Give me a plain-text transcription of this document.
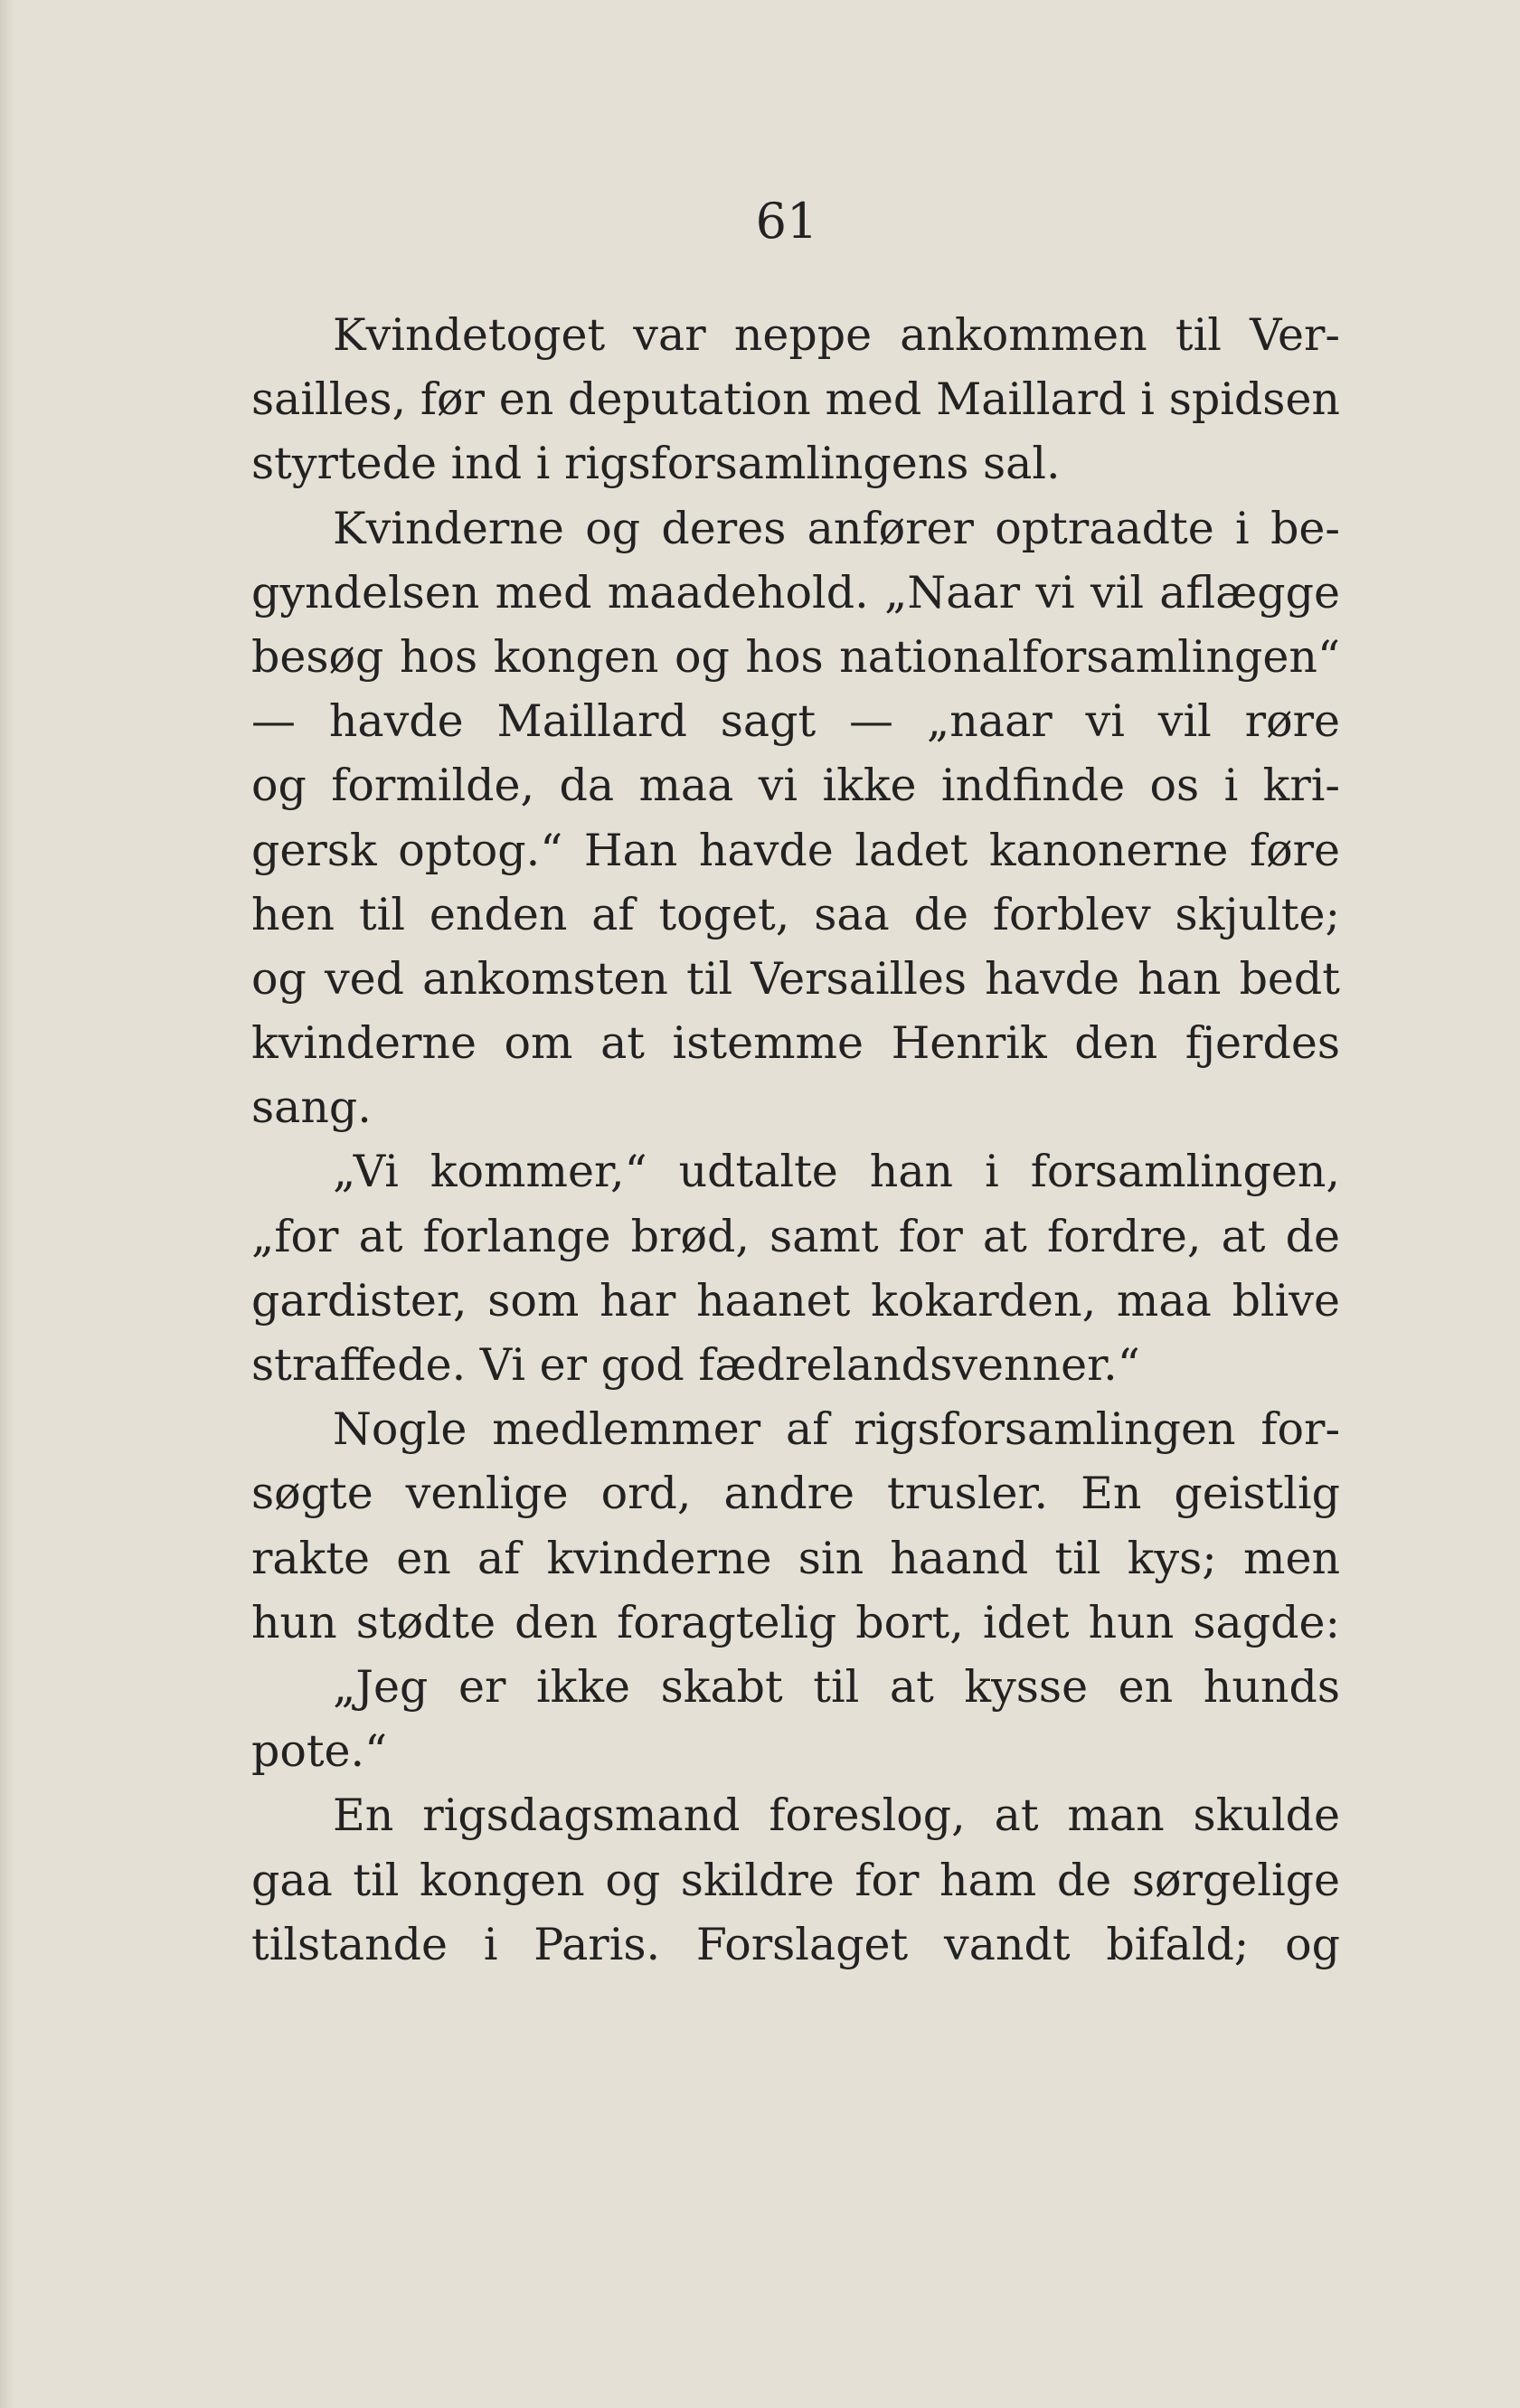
61
Kvindetoget var neppe ankommen til Ver-
sailles, før en deputation med Maillard i spidsen
styrtede ind i rigsforsamlingens sal.
Kvinderne og deres anfører optraadte i be-
gyndelsen med maadehold. „Naar vi vil aflægge
besøg hos kongen og hos nationalforsamlingen“
— havde Maillard sagt — „naar vi vil røre
og formilde, da maa vi ikke indfinde os i kri-
gersk optog.“ Han havde ladet kanonerne føre
hen til enden af toget, saa de forblev skjulte;
og ved ankomsten til Versailles havde han bedt
kvinderne om at istemme Henrik den fjerdes
sang.
„Vi kommer,“ udtalte han i forsamlingen,
„for at forlange brød, samt for at fordre, at de
gardister, som har haanet kokarden, maa blive
straffede. Vi er god fædrelandsvenner.“
Nogle medlemmer af rigsforsamlingen for-
søgte venlige ord, andre trusler. En geistlig
rakte en af kvinderne sin haand til kys; men
hun stødte den foragtelig bort, idet hun sagde:
„Jeg er ikke skabt til at kysse en hunds
pote.“
En rigsdagsmand foreslog, at man skulde
gaa til kongen og skildre for ham de sørgelige
tilstande i Paris. Forslaget vandt bifald; og
